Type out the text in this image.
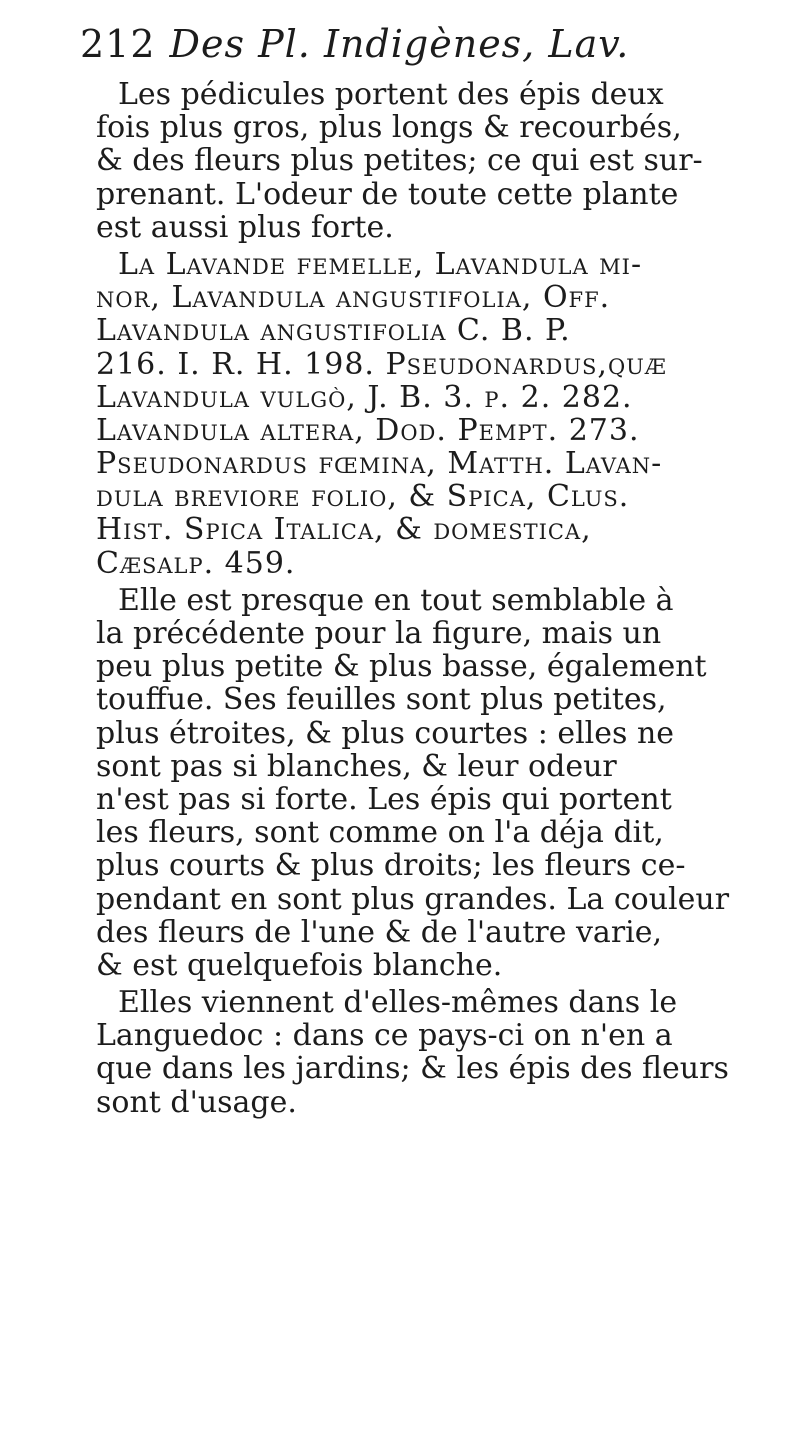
212 Des Pl. Indigènes, Lav.
Les pédicules portent des épis deux
fois plus gros, plus longs & recourbés,
& des fleurs plus petites; ce qui est sur-
prenant. L'odeur de toute cette plante
est aussi plus forte.
La Lavande femelle, Lavandula mi-
nor, Lavandula angustifolia, Off.
Lavandula angustifolia C. B. P.
216. I. R. H. 198. Pseudonardus,quæ
Lavandula vulgò, J. B. 3. p. 2. 282.
Lavandula altera, Dod. Pempt. 273.
Pseudonardus fœmina, Matth. Lavan-
dula breviore folio, & Spica, Clus.
Hist. Spica Italica, & domestica,
Cæsalp. 459.
Elle est presque en tout semblable à
la précédente pour la figure, mais un
peu plus petite & plus basse, également
touffue. Ses feuilles sont plus petites,
plus étroites, & plus courtes : elles ne
sont pas si blanches, & leur odeur
n'est pas si forte. Les épis qui portent
les fleurs, sont comme on l'a déja dit,
plus courts & plus droits; les fleurs ce-
pendant en sont plus grandes. La couleur
des fleurs de l'une & de l'autre varie,
& est quelquefois blanche.
Elles viennent d'elles-mêmes dans le
Languedoc : dans ce pays-ci on n'en a
que dans les jardins; & les épis des fleurs
sont d'usage.
